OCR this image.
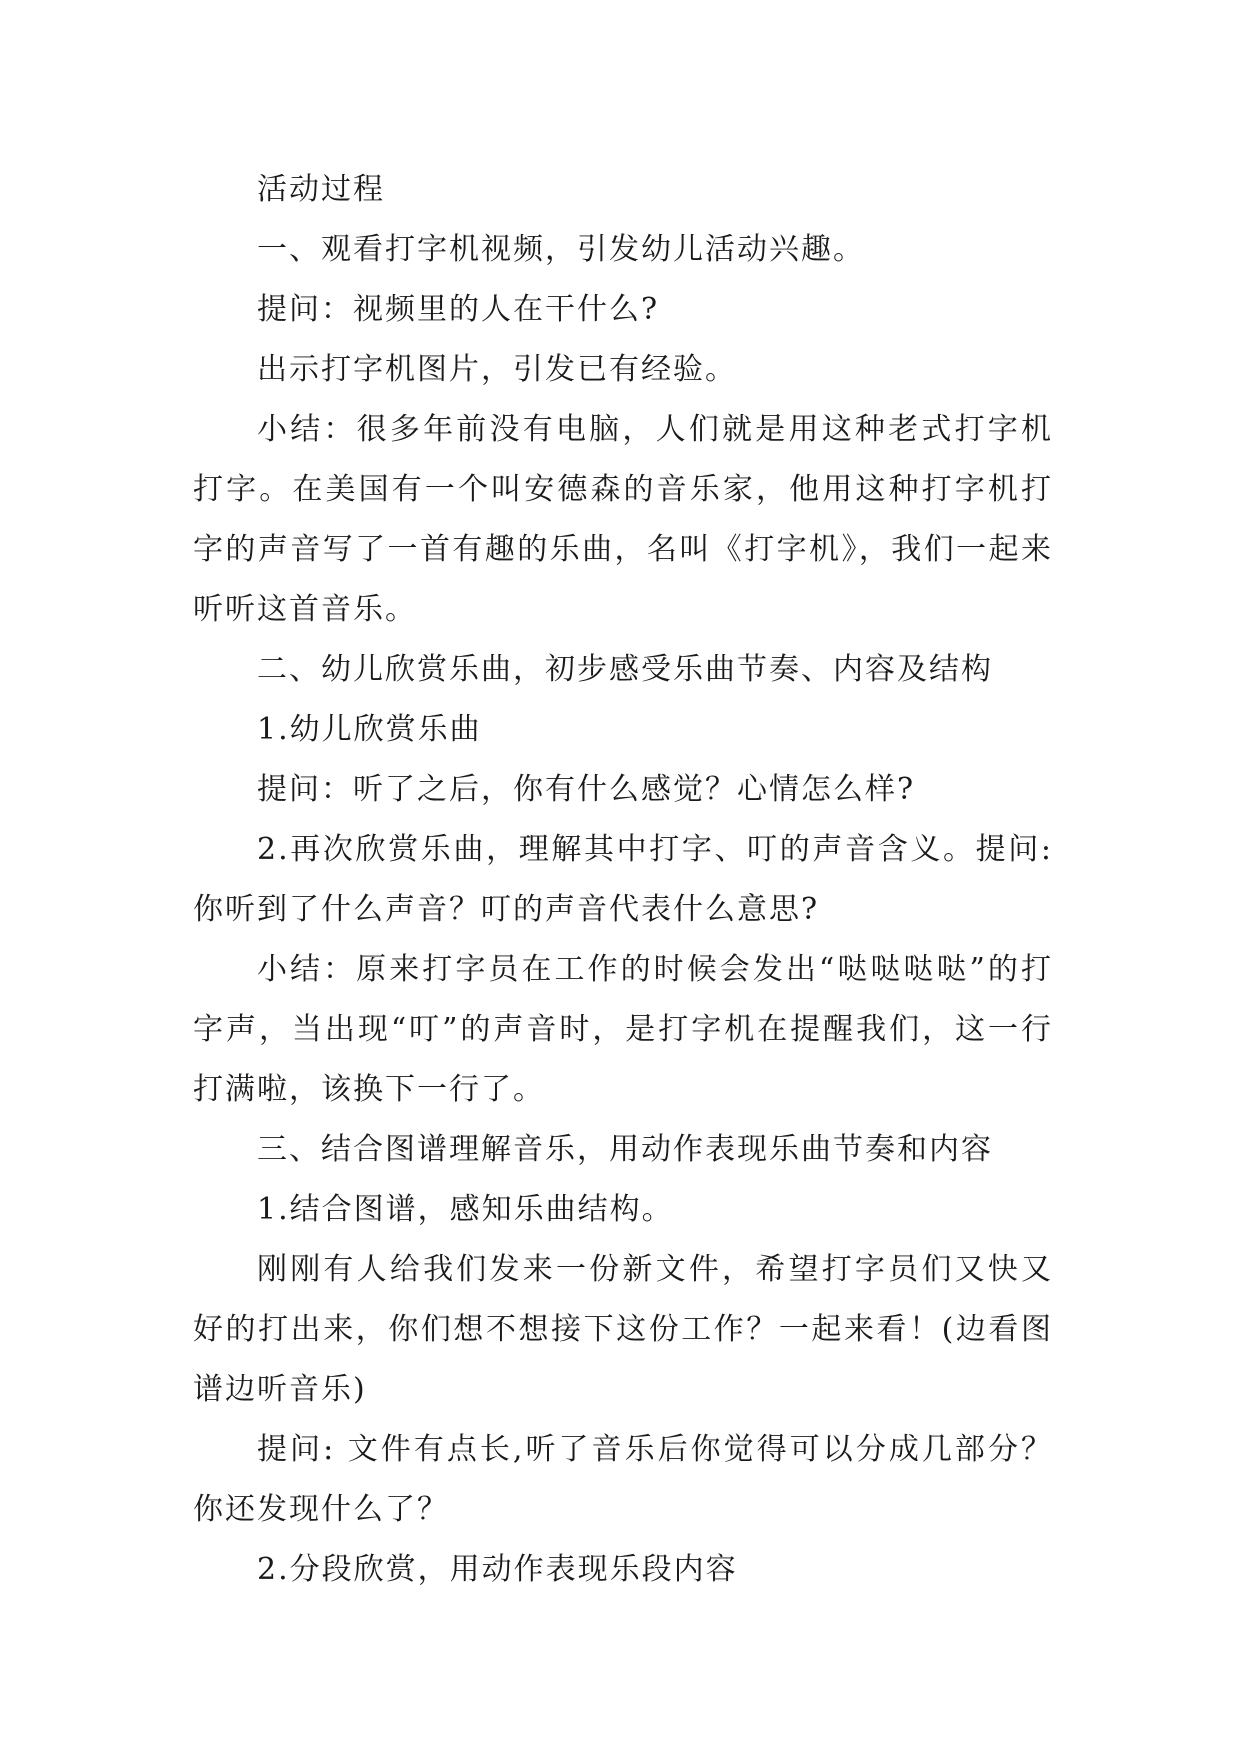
活动过程

一、观看打字机视频，引发幼儿活动兴趣。

提问：视频里的人在干什么?

出示打字机图片，引发已有经验。

小结：很多年前没有电脑，人们就是用这种老式打字机打字。在美国有一个叫安德森的音乐家，他用这种打字机打字的声音写了一首有趣的乐曲，名叫《打字机》，我们一起来听听这首音乐。

二、幼儿欣赏乐曲，初步感受乐曲节奏、内容及结构

1.幼儿欣赏乐曲

提问：听了之后，你有什么感觉？心情怎么样?

2.再次欣赏乐曲，理解其中打字、叮的声音含义。提问:你听到了什么声音？叮的声音代表什么意思?

小结：原来打字员在工作的时候会发出“哒哒哒哒”的打字声，当出现“叮”的声音时，是打字机在提醒我们，这一行打满啦，该换下一行了。

三、结合图谱理解音乐，用动作表现乐曲节奏和内容

1.结合图谱，感知乐曲结构。

刚刚有人给我们发来一份新文件，希望打字员们又快又好的打出来，你们想不想接下这份工作？一起来看！(边看图谱边听音乐)

提问: 文件有点长,听了音乐后你觉得可以分成几部分？你还发现什么了？

2.分段欣赏，用动作表现乐段内容
